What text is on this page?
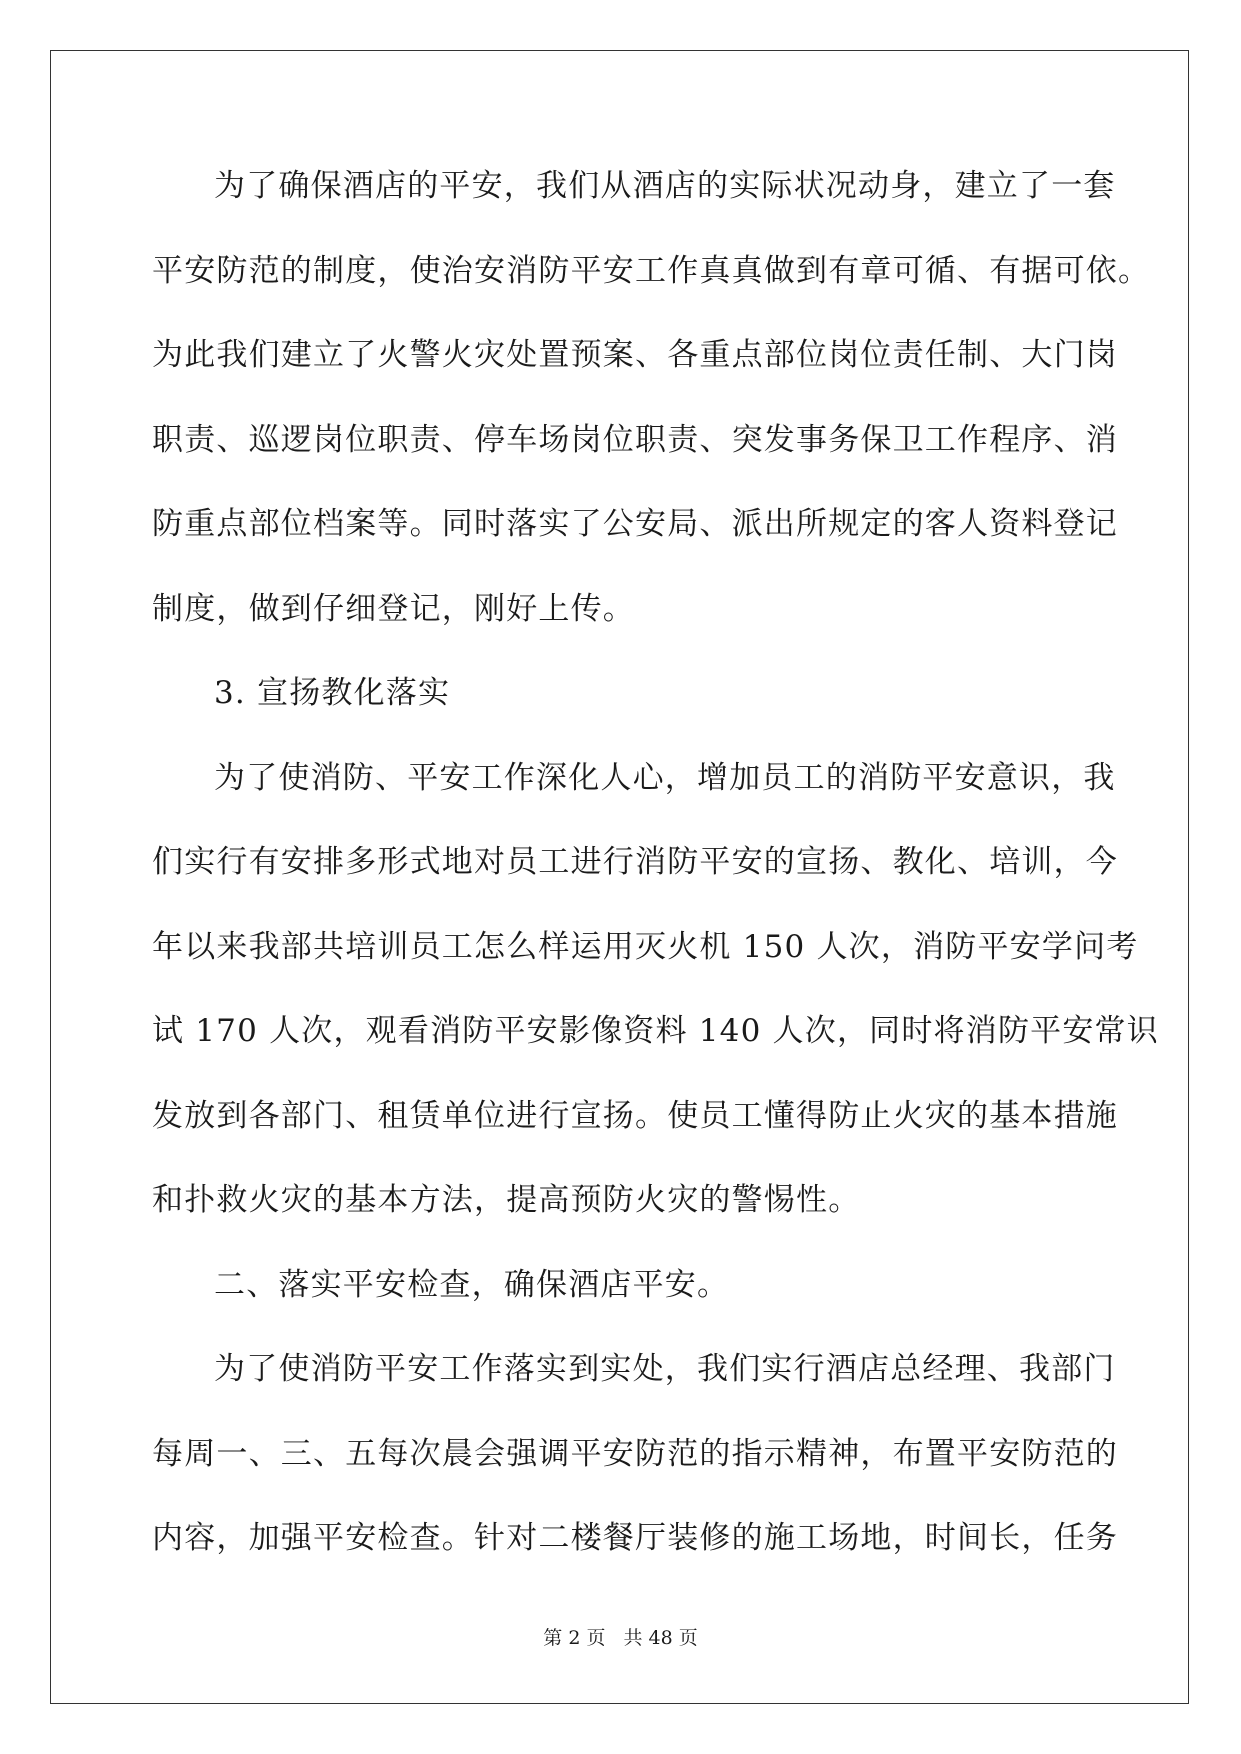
为了确保酒店的平安，我们从酒店的实际状况动身，建立了一套
平安防范的制度，使治安消防平安工作真真做到有章可循、有据可依。
为此我们建立了火警火灾处置预案、各重点部位岗位责任制、大门岗
职责、巡逻岗位职责、停车场岗位职责、突发事务保卫工作程序、消
防重点部位档案等。同时落实了公安局、派出所规定的客人资料登记
制度，做到仔细登记，刚好上传。
3. 宣扬教化落实
为了使消防、平安工作深化人心，增加员工的消防平安意识，我
们实行有安排多形式地对员工进行消防平安的宣扬、教化、培训，今
年以来我部共培训员工怎么样运用灭火机 150 人次，消防平安学问考
试 170 人次，观看消防平安影像资料 140 人次，同时将消防平安常识
发放到各部门、租赁单位进行宣扬。使员工懂得防止火灾的基本措施
和扑救火灾的基本方法，提高预防火灾的警惕性。
二、落实平安检查，确保酒店平安。
为了使消防平安工作落实到实处，我们实行酒店总经理、我部门
每周一、三、五每次晨会强调平安防范的指示精神，布置平安防范的
内容，加强平安检查。针对二楼餐厅装修的施工场地，时间长，任务
第 2 页 共 48 页
